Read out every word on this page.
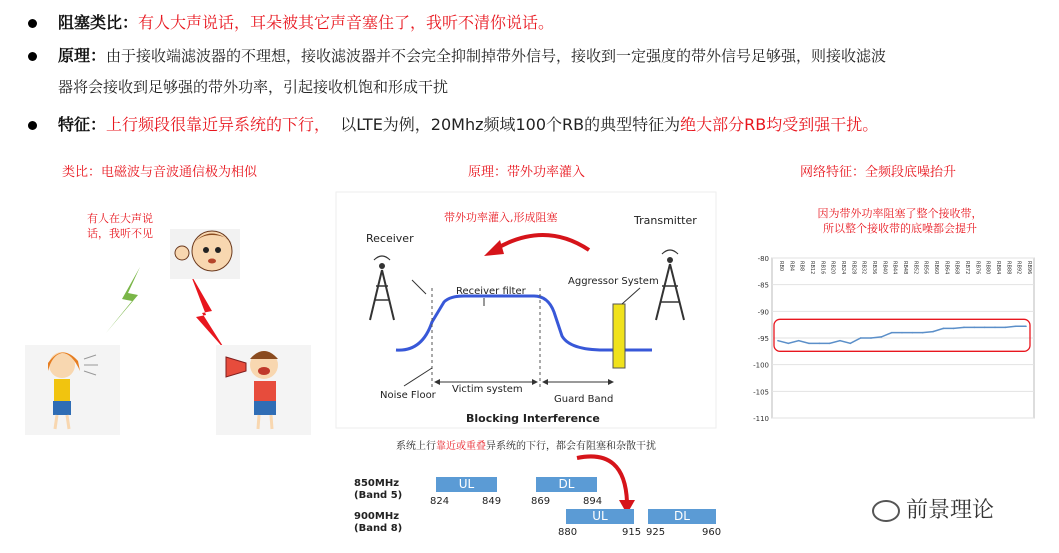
阻塞类比：有人大声说话，耳朵被其它声音塞住了，我听不清你说话。
原理：由于接收端滤波器的不理想，接收滤波器并不会完全抑制掉带外信号，接收到一定强度的带外信号足够强，则接收滤波
器将会接收到足够强的带外功率，引起接收机饱和形成干扰
特征：上行频段很靠近异系统的下行， 以LTE为例，20Mhz频域100个RB的典型特征为绝大部分RB均受到强干扰。
类比：电磁波与音波通信极为相似	原理：带外功率灌入	网络特征：全频段底噪抬升
有人在大声说
话，我听不见
带外功率灌入,形成阻塞
Receiver
Transmitter
Receiver filter
Aggressor System
Noise Floor
Victim system
Guard Band
Blocking Interference
系统上行靠近或重叠异系统的下行，都会有阻塞和杂散干扰
850MHz
(Band 5)
UL	DL
824	849	869	894
900MHz
(Band 8)
UL	DL
880	915 925	960
因为带外功率阻塞了整个接收带，
所以整个接收带的底噪都会提升
-80
-85
-90
-95
-100
-105
-110
RB0 RB4 RB8 RB12 RB16 RB20 RB24 RB28 RB32 RB36 RB40 RB44 RB48 RB52 RB56 RB60 RB64 RB68 RB72 RB76 RB80 RB84 RB88 RB92 RB96
前景理论
